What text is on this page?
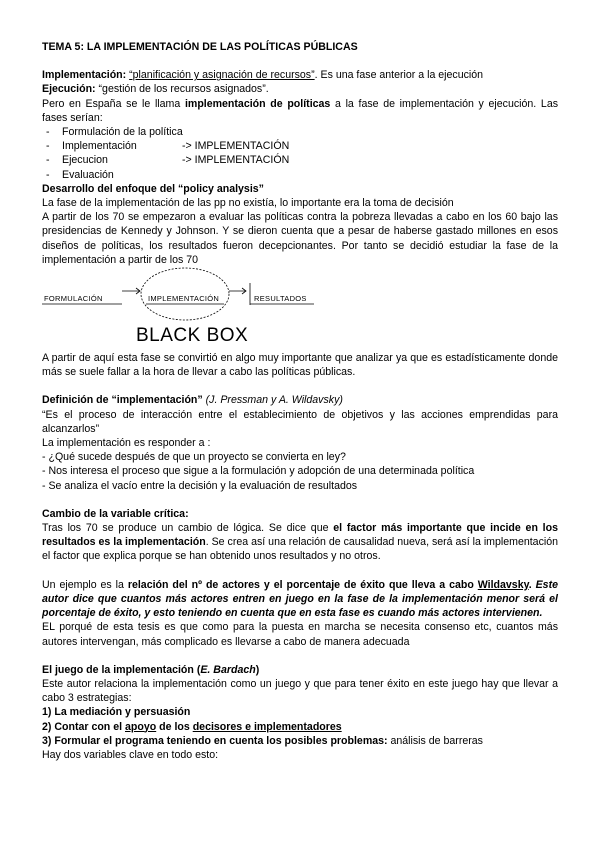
TEMA 5: LA IMPLEMENTACIÓN DE LAS POLÍTICAS PÚBLICAS
Implementación: “planificación y asignación de recursos”. Es una fase anterior a la ejecución
Ejecución: “gestión de los recursos asignados”.
Pero en España se le llama implementación de políticas a la fase de implementación y ejecución. Las fases serían:
- Formulación de la política
- Implementación	-> IMPLEMENTACIÓN
- Ejecucion	-> IMPLEMENTACIÓN
- Evaluación
Desarrollo del enfoque del “policy analysis”
La fase de la implementación de las pp no existía, lo importante era la toma de decisión
A partir de los 70 se empezaron a evaluar las políticas contra la pobreza llevadas a cabo en los 60 bajo las presidencias de Kennedy y Johnson. Y se dieron cuenta que a pesar de haberse gastado millones en esos diseños de políticas, los resultados fueron decepcionantes. Por tanto se decidió estudiar la fase de la implementación a partir de los 70
FORMULACIÓN	IMPLEMENTACIÓN	RESULTADOS
BLACK BOX
A partir de aquí esta fase se convirtió en algo muy importante que analizar ya que es estadísticamente donde más se suele fallar a la hora de llevar a cabo las políticas públicas.
Definición de “implementación” (J. Pressman y A. Wildavsky)
“Es el proceso de interacción entre el establecimiento de objetivos y las acciones emprendidas para alcanzarlos”
La implementación es responder a :
- ¿Qué sucede después de que un proyecto se convierta en ley?
- Nos interesa el proceso que sigue a la formulación y adopción de una determinada política
- Se analiza el vacío entre la decisión y la evaluación de resultados
Cambio de la variable crítica:
Tras los 70 se produce un cambio de lógica. Se dice que el factor más importante que incide en los resultados es la implementación. Se crea así una relación de causalidad nueva, será así la implementación el factor que explica porque se han obtenido unos resultados y no otros.
Un ejemplo es la relación del nº de actores y el porcentaje de éxito que lleva a cabo Wildavsky. Este autor dice que cuantos más actores entren en juego en la fase de la implementación menor será el porcentaje de éxito, y esto teniendo en cuenta que en esta fase es cuando más actores intervienen.
EL porqué de esta tesis es que como para la puesta en marcha se necesita consenso etc, cuantos más autores intervengan, más complicado es llevarse a cabo de manera adecuada
El juego de la implementación (E. Bardach)
Este autor relaciona la implementación como un juego y que para tener éxito en este juego hay que llevar a cabo 3 estrategias:
1) La mediación y persuasión
2) Contar con el apoyo de los decisores e implementadores
3) Formular el programa teniendo en cuenta los posibles problemas: análisis de barreras
Hay dos variables clave en todo esto:
